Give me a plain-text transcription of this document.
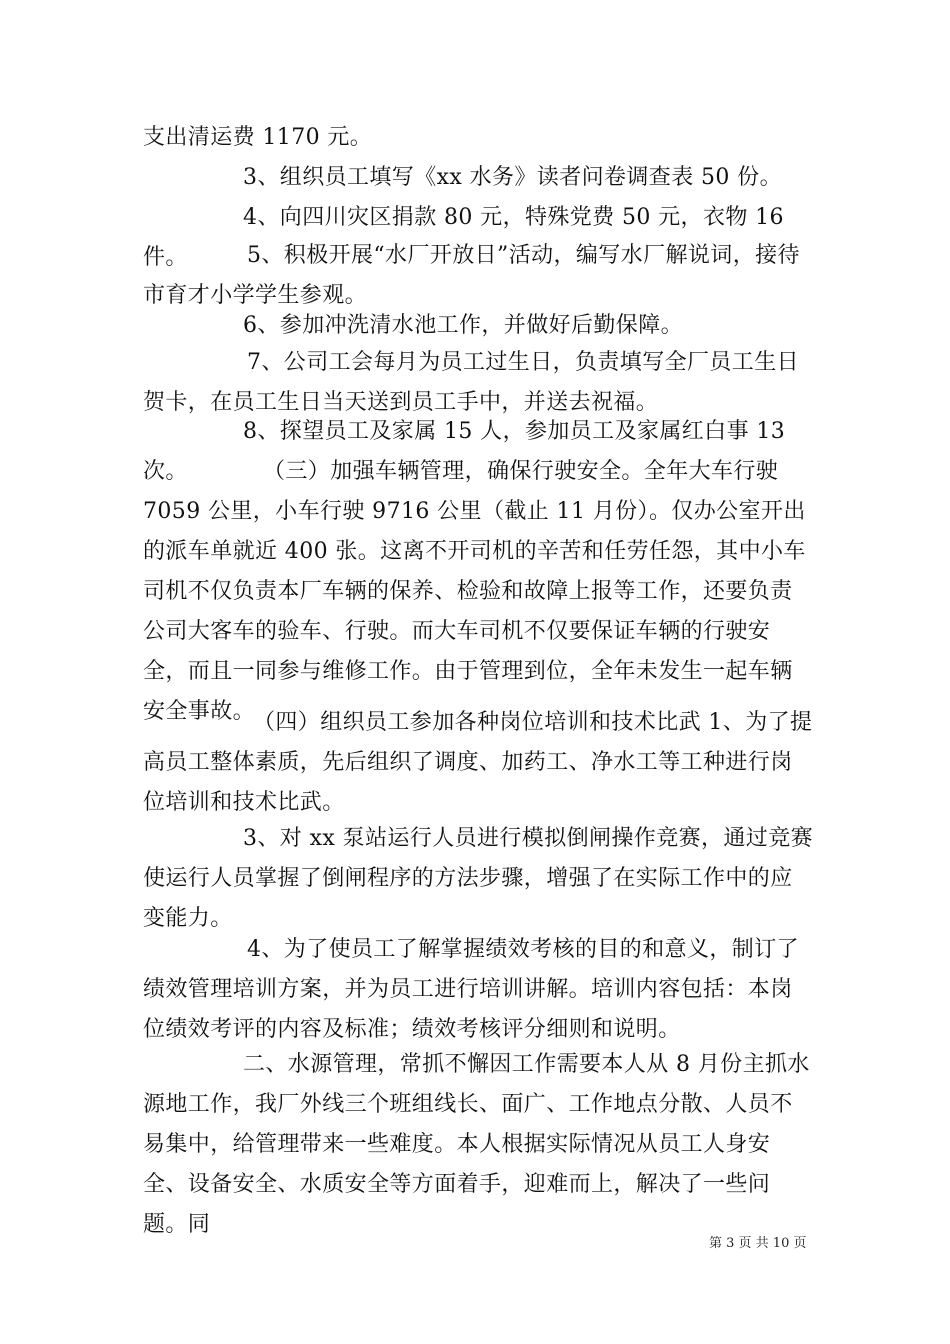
支出清运费 1170 元。

3、组织员工填写《xx 水务》读者问卷调查表 50 份。

4、向四川灾区捐款 80 元，特殊党费 50 元，衣物 16 件。	5、积极开展“水厂开放日”活动，编写水厂解说词，接待市育才小学学生参观。

6、参加冲洗清水池工作，并做好后勤保障。

7、公司工会每月为员工过生日，负责填写全厂员工生日贺卡，在员工生日当天送到员工手中，并送去祝福。

8、探望员工及家属 15 人，参加员工及家属红白事 13 次。	（三）加强车辆管理，确保行驶安全。全年大车行驶 7059 公里，小车行驶 9716 公里（截止 11 月份）。仅办公室开出的派车单就近 400 张。这离不开司机的辛苦和任劳任怨，其中小车司机不仅负责本厂车辆的保养、检验和故障上报等工作，还要负责公司大客车的验车、行驶。而大车司机不仅要保证车辆的行驶安全，而且一同参与维修工作。由于管理到位，全年未发生一起车辆安全事故。

（四）组织员工参加各种岗位培训和技术比武 1、为了提高员工整体素质，先后组织了调度、加药工、净水工等工种进行岗位培训和技术比武。

3、对 xx 泵站运行人员进行模拟倒闸操作竞赛，通过竞赛使运行人员掌握了倒闸程序的方法步骤，增强了在实际工作中的应变能力。

4、为了使员工了解掌握绩效考核的目的和意义，制订了绩效管理培训方案，并为员工进行培训讲解。培训内容包括：本岗位绩效考评的内容及标准；绩效考核评分细则和说明。

二、水源管理，常抓不懈因工作需要本人从 8 月份主抓水源地工作，我厂外线三个班组线长、面广、工作地点分散、人员不易集中，给管理带来一些难度。本人根据实际情况从员工人身安全、设备安全、水质安全等方面着手，迎难而上，解决了一些问题。同

第 3 页 共 10 页
